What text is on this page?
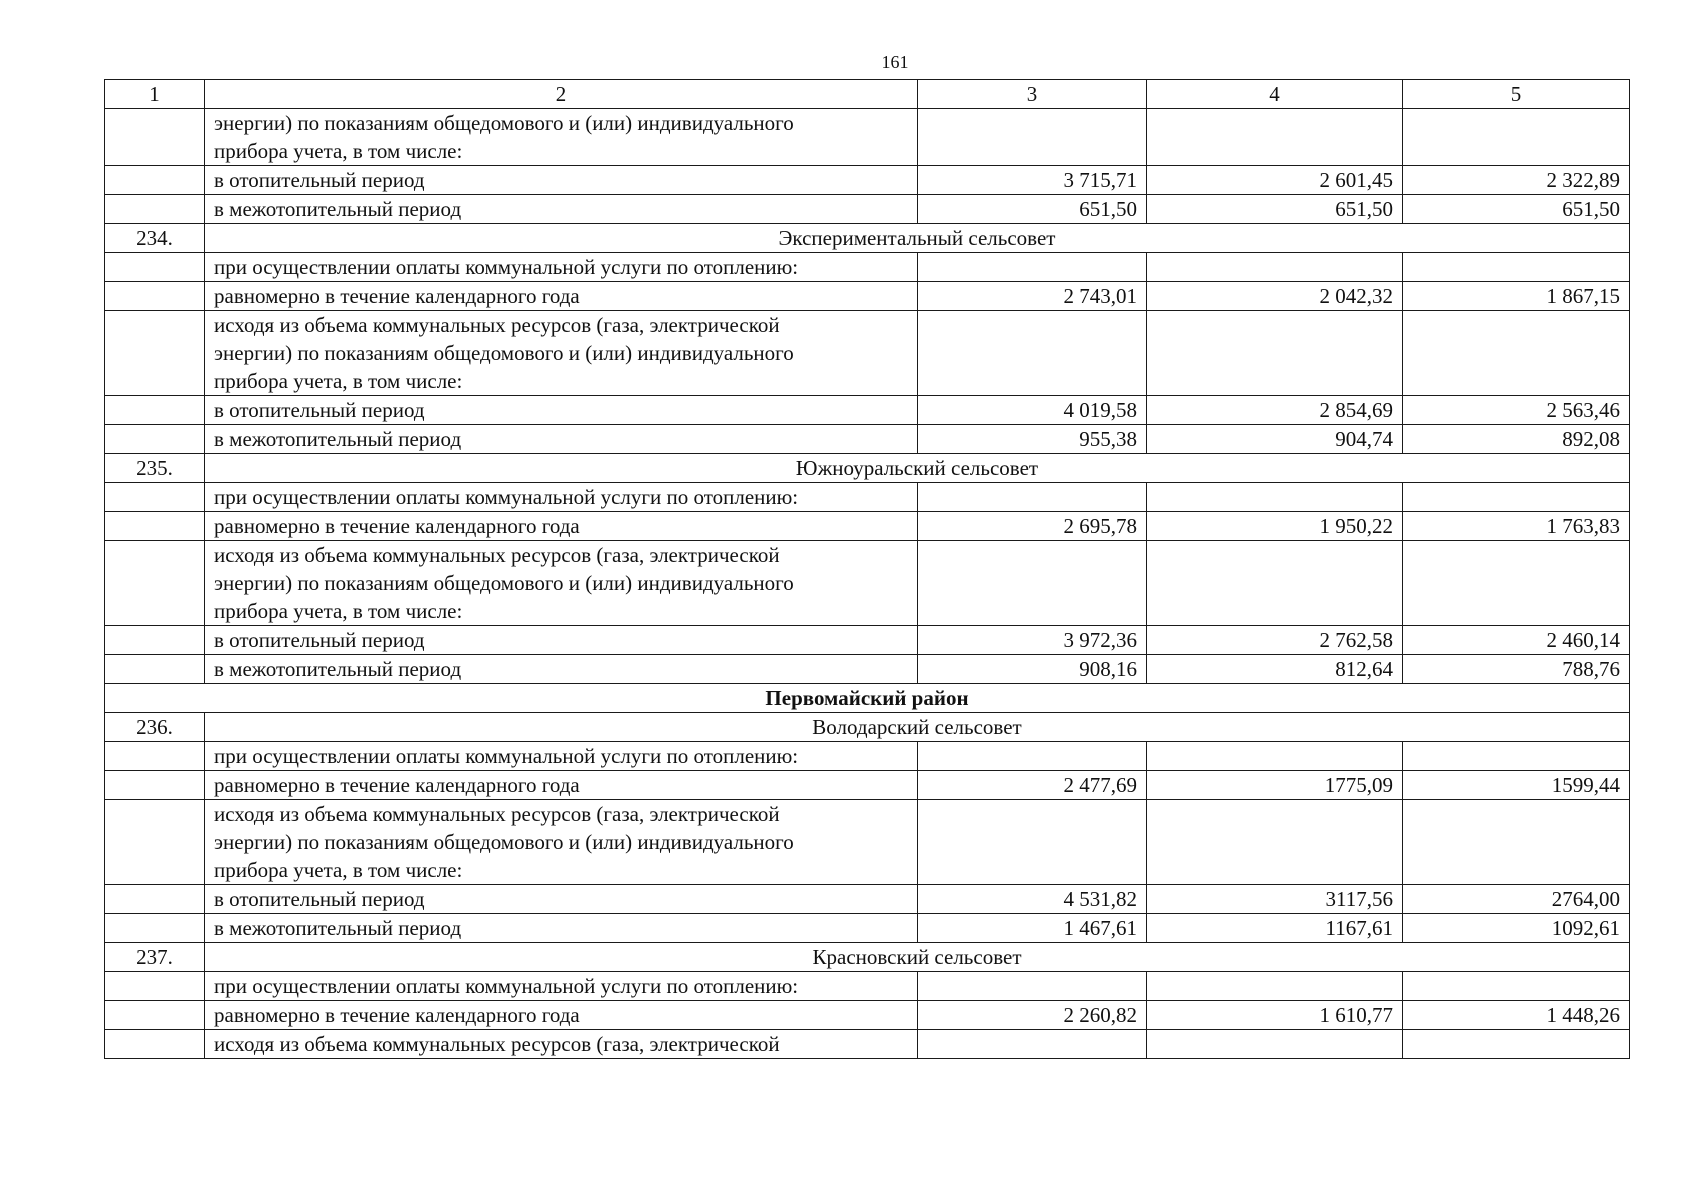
161
1	2	3	4	5
	энергии) по показаниям общедомового и (или) индивидуального
прибора учета, в том числе:			
	в отопительный период	3 715,71	2 601,45	2 322,89
	в межотопительный период	651,50	651,50	651,50
234.	Экспериментальный сельсовет			
	при осуществлении оплаты коммунальной услуги по отоплению:			
	равномерно в течение календарного года	2 743,01	2 042,32	1 867,15
	исходя из объема коммунальных ресурсов (газа, электрической
энергии) по показаниям общедомового и (или) индивидуального
прибора учета, в том числе:			
	в отопительный период	4 019,58	2 854,69	2 563,46
	в межотопительный период	955,38	904,74	892,08
235.	Южноуральский сельсовет			
	при осуществлении оплаты коммунальной услуги по отоплению:			
	равномерно в течение календарного года	2 695,78	1 950,22	1 763,83
	исходя из объема коммунальных ресурсов (газа, электрической
энергии) по показаниям общедомового и (или) индивидуального
прибора учета, в том числе:			
	в отопительный период	3 972,36	2 762,58	2 460,14
	в межотопительный период	908,16	812,64	788,76
Первомайский район				
236.	Володарский сельсовет			
	при осуществлении оплаты коммунальной услуги по отоплению:			
	равномерно в течение календарного года	2 477,69	1775,09	1599,44
	исходя из объема коммунальных ресурсов (газа, электрической
энергии) по показаниям общедомового и (или) индивидуального
прибора учета, в том числе:			
	в отопительный период	4 531,82	3117,56	2764,00
	в межотопительный период	1 467,61	1167,61	1092,61
237.	Красновский сельсовет			
	при осуществлении оплаты коммунальной услуги по отоплению:			
	равномерно в течение календарного года	2 260,82	1 610,77	1 448,26
	исходя из объема коммунальных ресурсов (газа, электрической			
